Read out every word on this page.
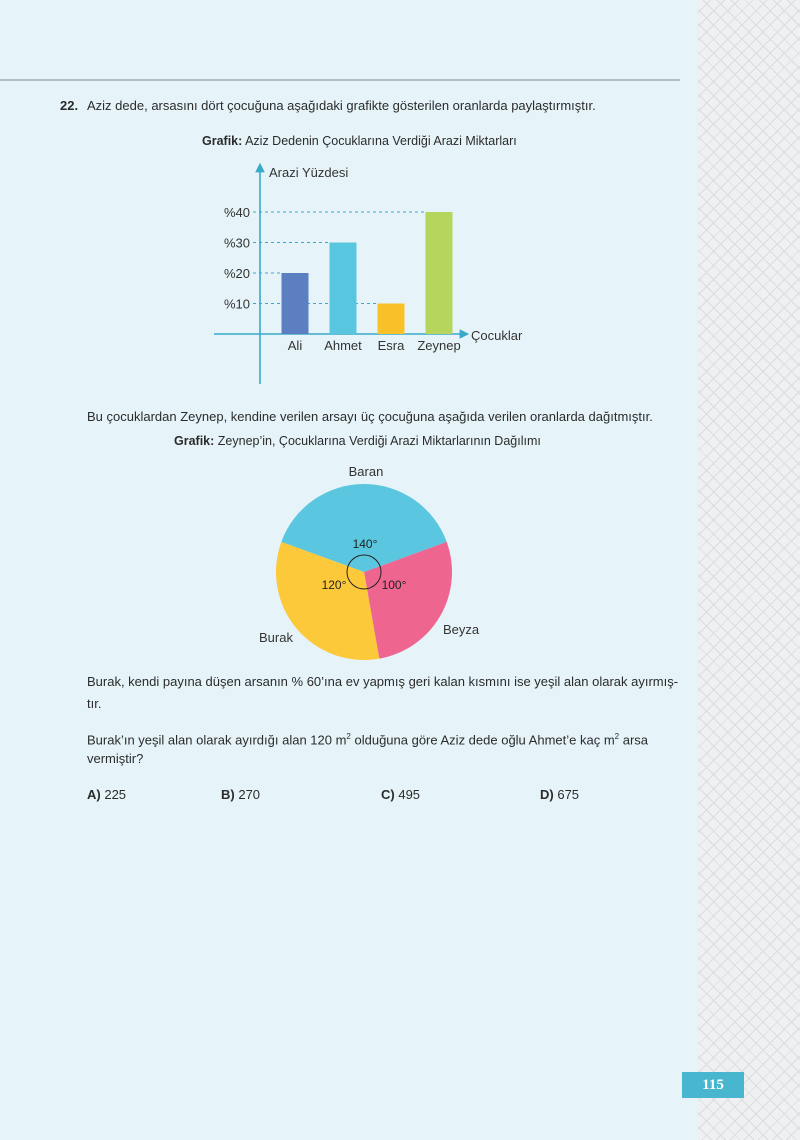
22. Aziz dede, arsasını dört çocuğuna aşağıdaki grafikte gösterilen oranlarda paylaştırmıştır.
Grafik: Aziz Dedenin Çocuklarına Verdiği Arazi Miktarları
Arazi Yüzdesi
Çocuklar
%10
%20
%30
%40
Ali Ahmet Esra Zeynep
Bu çocuklardan Zeynep, kendine verilen arsayı üç çocuğuna aşağıda verilen oranlarda dağıtmıştır.
Grafik: Zeynep’in, Çocuklarına Verdiği Arazi Miktarlarının Dağılımı
140°
Baran
100°
Beyza
120°
Burak
Burak, kendi payına düşen arsanın % 60’ına ev yapmış geri kalan kısmını ise yeşil alan olarak ayırmış-
tır.
Burak’ın yeşil alan olarak ayırdığı alan 120 $m^2$ olduğuna göre Aziz dede oğlu Ahmet’e kaç $m^2$ arsa
vermiştir?
A) 225	B) 270	C) 495	D) 675
115
